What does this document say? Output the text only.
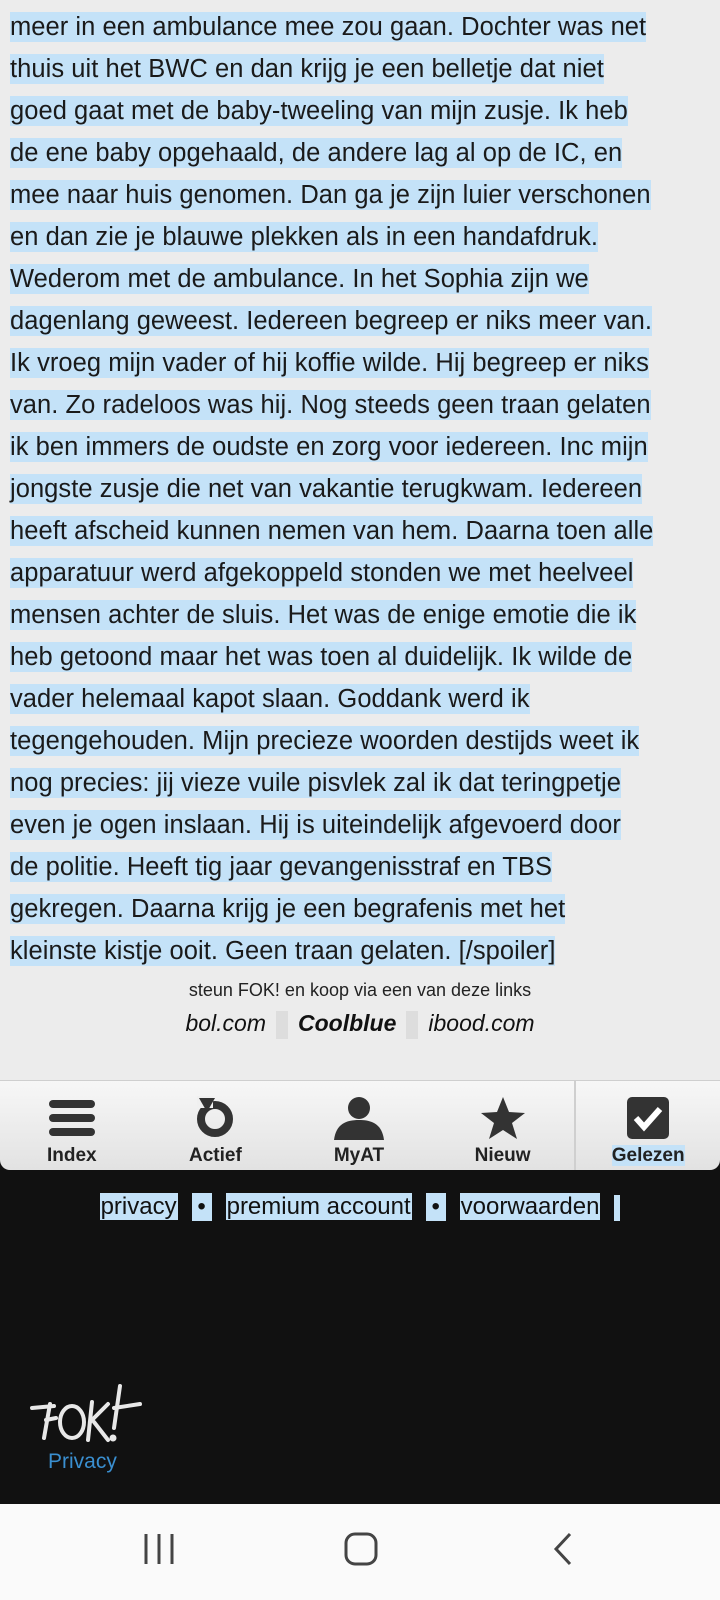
meer in een ambulance mee zou gaan. Dochter was net
thuis uit het BWC en dan krijg je een belletje dat niet
goed gaat met de baby-tweeling van mijn zusje. Ik heb
de ene baby opgehaald, de andere lag al op de IC, en
mee naar huis genomen. Dan ga je zijn luier verschonen
en dan zie je blauwe plekken als in een handafdruk.
Wederom met de ambulance. In het Sophia zijn we
dagenlang geweest. Iedereen begreep er niks meer van.
Ik vroeg mijn vader of hij koffie wilde. Hij begreep er niks
van. Zo radeloos was hij. Nog steeds geen traan gelaten
ik ben immers de oudste en zorg voor iedereen. Inc mijn
jongste zusje die net van vakantie terugkwam. Iedereen
heeft afscheid kunnen nemen van hem. Daarna toen alle
apparatuur werd afgekoppeld stonden we met heelveel
mensen achter de sluis. Het was de enige emotie die ik
heb getoond maar het was toen al duidelijk. Ik wilde de
vader helemaal kapot slaan. Goddank werd ik
tegengehouden. Mijn precieze woorden destijds weet ik
nog precies: jij vieze vuile pisvlek zal ik dat teringpetje
even je ogen inslaan. Hij is uiteindelijk afgevoerd door
de politie. Heeft tig jaar gevangenisstraf en TBS
gekregen. Daarna krijg je een begrafenis met het
kleinste kistje ooit. Geen traan gelaten. [/spoiler]
steun FOK! en koop via een van deze links
bol.com Coolblue ibood.com
Index	Actief	MyAT	Nieuw	Gelezen
privacy • premium account • voorwaarden
Privacy
